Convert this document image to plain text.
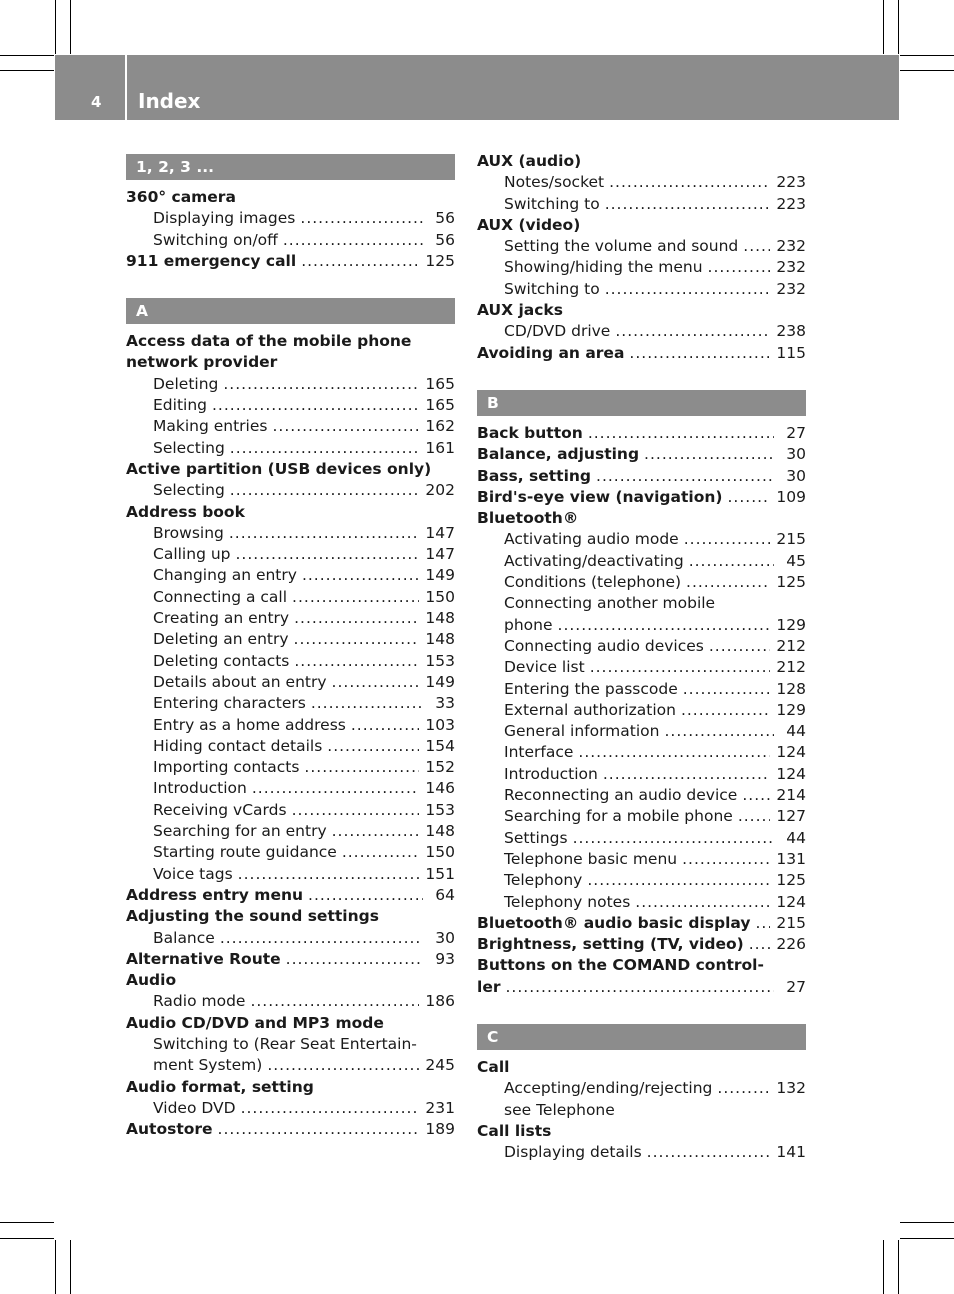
4 Index
1, 2, 3 ...
360° camera
Displaying images .....	56
Switching on/off .....	56
911 emergency call .....	125
A
Access data of the mobile phone
network provider
Deleting .....	165
Editing .....	165
Making entries .....	162
Selecting .....	161
Active partition (USB devices only)
Selecting .....	202
Address book
Browsing .....	147
Calling up .....	147
Changing an entry .....	149
Connecting a call .....	150
Creating an entry .....	148
Deleting an entry .....	148
Deleting contacts .....	153
Details about an entry .....	149
Entering characters .....	33
Entry as a home address .....	103
Hiding contact details .....	154
Importing contacts .....	152
Introduction .....	146
Receiving vCards .....	153
Searching for an entry .....	148
Starting route guidance .....	150
Voice tags .....	151
Address entry menu .....	64
Adjusting the sound settings
Balance .....	30
Alternative Route .....	93
Audio
Radio mode .....	186
Audio CD/DVD and MP3 mode
Switching to (Rear Seat Entertain-
ment System) .....	245
Audio format, setting
Video DVD .....	231
Autostore .....	189
AUX (audio)
Notes/socket .....	223
Switching to .....	223
AUX (video)
Setting the volume and sound ..... 232
Showing/hiding the menu .....	232
Switching to .....	232
AUX jacks
CD/DVD drive .....	238
Avoiding an area .....	115
B
Back button .....	27
Balance, adjusting .....	30
Bass, setting .....	30
Bird's-eye view (navigation) .....	109
Bluetooth®
Activating audio mode .....	215
Activating/deactivating .....	45
Conditions (telephone) .....	125
Connecting another mobile
phone .....	129
Connecting audio devices .....	212
Device list .....	212
Entering the passcode .....	128
External authorization .....	129
General information .....	44
Interface .....	124
Introduction .....	124
Reconnecting an audio device .....	214
Searching for a mobile phone .....	127
Settings .....	44
Telephone basic menu .....	131
Telephony .....	125
Telephony notes .....	124
Bluetooth® audio basic display ..... 215
Brightness, setting (TV, video) ..... 226
Buttons on the COMAND control-
ler .....	27
C
Call
Accepting/ending/rejecting .....	132
see Telephone
Call lists
Displaying details .....	141
